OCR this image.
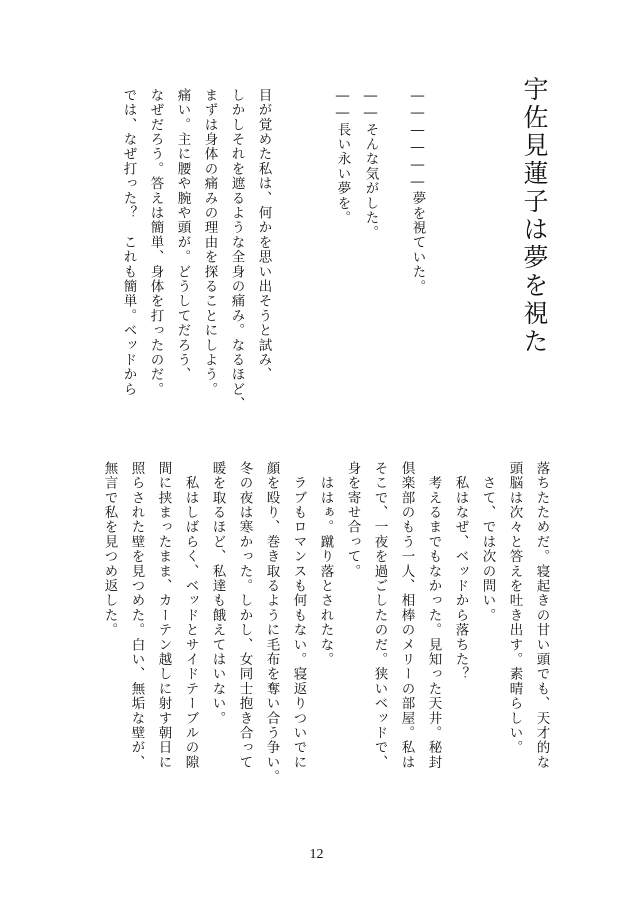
宇佐見蓮子は夢を視た
――――――夢を視ていた。
――そんな気がした。
――長い永い夢を。
目が覚めた私は、何かを思い出そうと試み、
しかしそれを遮るような全身の痛み。なるほど、
まずは身体の痛みの理由を探ることにしよう。
痛い。主に腰や腕や頭が。どうしてだろう、
なぜだろう。答えは簡単、身体を打ったのだ。
では、なぜ打った？　これも簡単。ベッドから
落ちたためだ。寝起きの甘い頭でも、天才的な
頭脳は次々と答えを吐き出す。素晴らしい。
　さて、では次の問い。
　私はなぜ、ベッドから落ちた？
　考えるまでもなかった。見知った天井。秘封
倶楽部のもう一人、相棒のメリーの部屋。私は
そこで、一夜を過ごしたのだ。狭いベッドで、
身を寄せ合って。
　ははぁ。蹴り落とされたな。
　ラブもロマンスも何もない。寝返りついでに
顔を殴り、巻き取るように毛布を奪い合う争い。
冬の夜は寒かった。しかし、女同士抱き合って
暖を取るほど、私達も餓えてはいない。
　私はしばらく、ベッドとサイドテーブルの隙
間に挟まったまま、カーテン越しに射す朝日に
照らされた壁を見つめた。白い、無垢な壁が、
無言で私を見つめ返した。
12
